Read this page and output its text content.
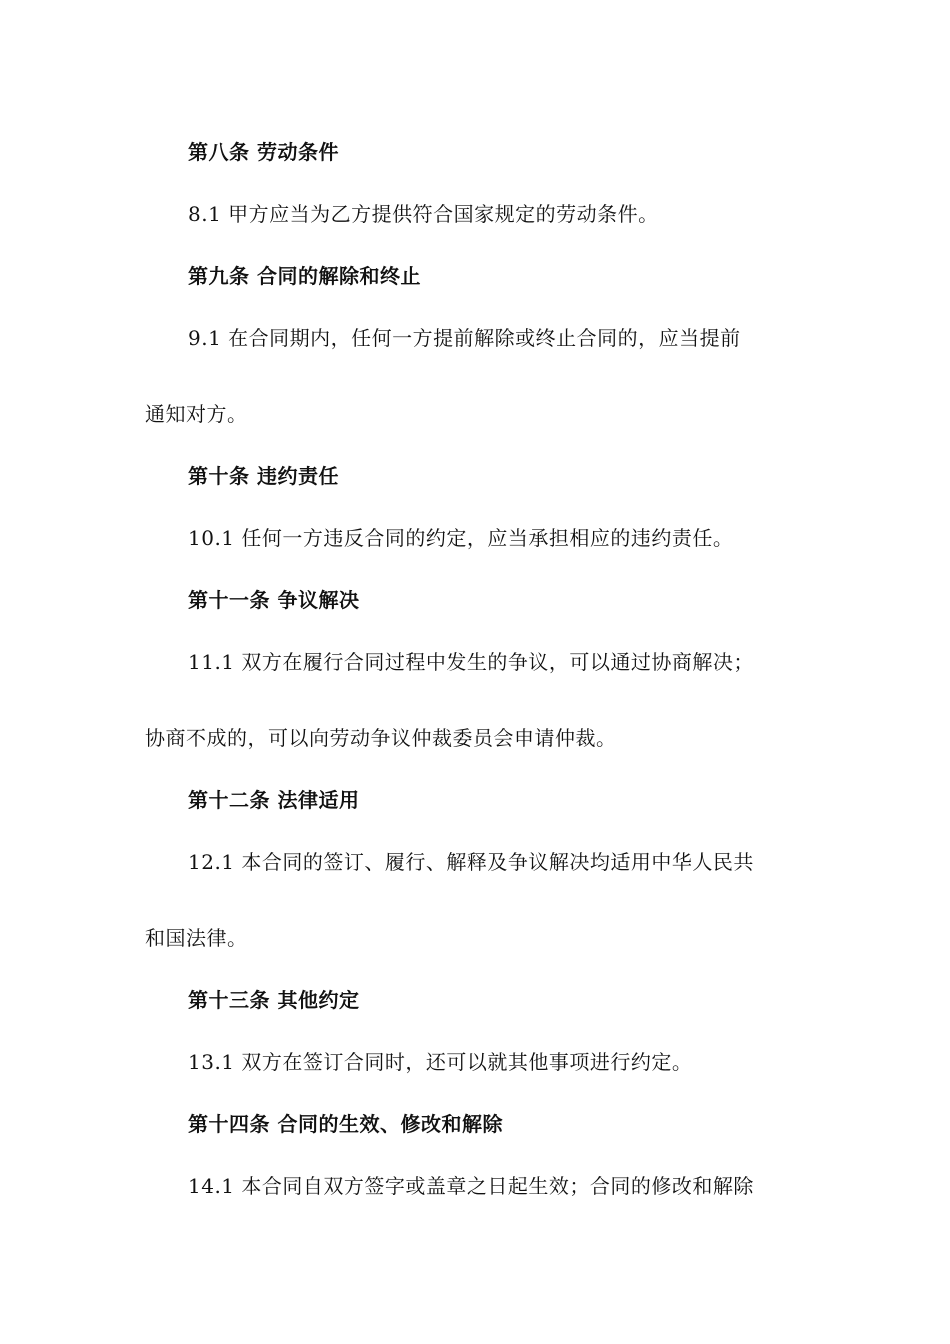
第八条 劳动条件
8.1 甲方应当为乙方提供符合国家规定的劳动条件。
第九条 合同的解除和终止
9.1 在合同期内，任何一方提前解除或终止合同的，应当提前
通知对方。
第十条 违约责任
10.1 任何一方违反合同的约定，应当承担相应的违约责任。
第十一条 争议解决
11.1 双方在履行合同过程中发生的争议，可以通过协商解决；
协商不成的，可以向劳动争议仲裁委员会申请仲裁。
第十二条 法律适用
12.1 本合同的签订、履行、解释及争议解决均适用中华人民共
和国法律。
第十三条 其他约定
13.1 双方在签订合同时，还可以就其他事项进行约定。
第十四条 合同的生效、修改和解除
14.1 本合同自双方签字或盖章之日起生效；合同的修改和解除
